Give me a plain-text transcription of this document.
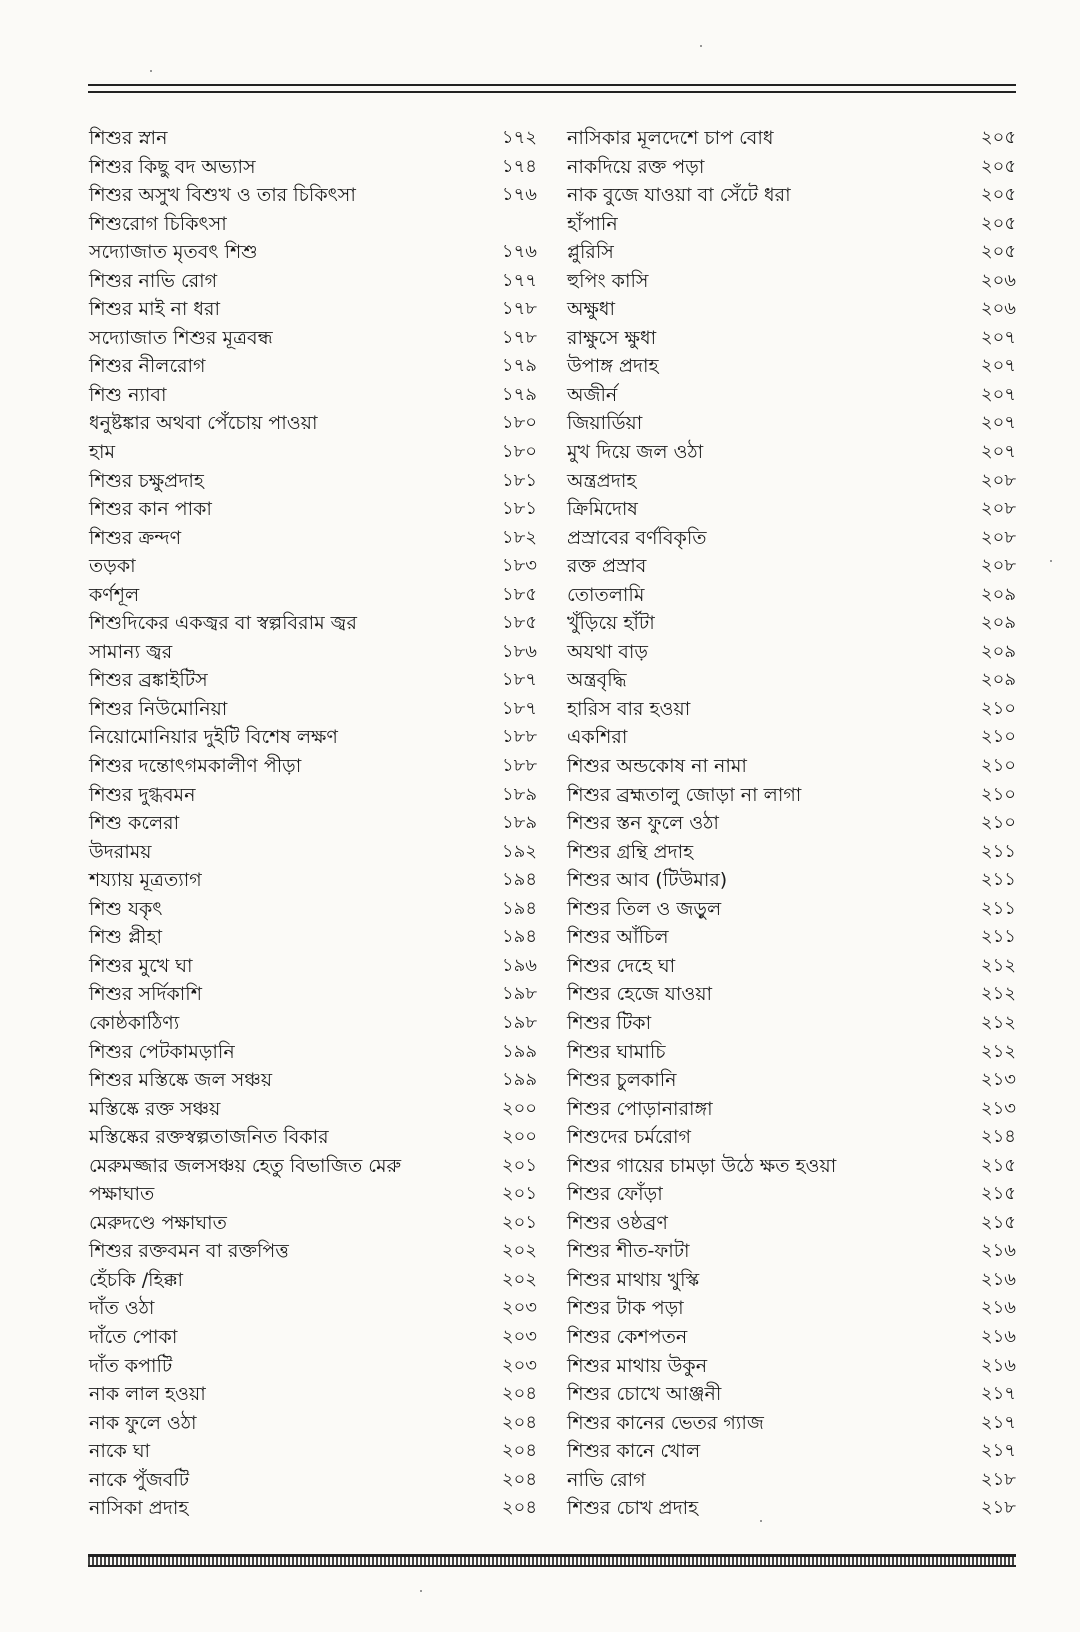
শিশুর স্নান	১৭২
শিশুর কিছু বদ অভ্যাস	১৭৪
শিশুর অসুখ বিশুখ ও তার চিকিৎসা	১৭৬
শিশুরোগ চিকিৎসা
সদ্যোজাত মৃতবৎ শিশু	১৭৬
শিশুর নাভি রোগ	১৭৭
শিশুর মাই না ধরা	১৭৮
সদ্যোজাত শিশুর মূত্রবন্ধ	১৭৮
শিশুর নীলরোগ	১৭৯
শিশু ন্যাবা	১৭৯
ধনুষ্টঙ্কার অথবা পেঁচোয় পাওয়া	১৮০
হাম	১৮০
শিশুর চক্ষুপ্রদাহ	১৮১
শিশুর কান পাকা	১৮১
শিশুর ক্রন্দণ	১৮২
তড়কা	১৮৩
কর্ণশূল	১৮৫
শিশুদিকের একজ্বর বা স্বল্পবিরাম জ্বর	১৮৫
সামান্য জ্বর	১৮৬
শিশুর ব্রঙ্কাইটিস	১৮৭
শিশুর নিউমোনিয়া	১৮৭
নিয়োমোনিয়ার দুইটি বিশেষ লক্ষণ	১৮৮
শিশুর দন্তোৎগমকালীণ পীড়া	১৮৮
শিশুর দুগ্ধবমন	১৮৯
শিশু কলেরা	১৮৯
উদরাময়	১৯২
শয্যায় মূত্রত্যাগ	১৯৪
শিশু যকৃৎ	১৯৪
শিশু প্লীহা	১৯৪
শিশুর মুখে ঘা	১৯৬
শিশুর সর্দিকাশি	১৯৮
কোষ্ঠকাঠিণ্য	১৯৮
শিশুর পেটকামড়ানি	১৯৯
শিশুর মস্তিষ্কে জল সঞ্চয়	১৯৯
মস্তিষ্কে রক্ত সঞ্চয়	২০০
মস্তিষ্কের রক্তস্বল্পতাজনিত বিকার	২০০
মেরুমজ্জার জলসঞ্চয় হেতু বিভাজিত মেরু	২০১
পক্ষাঘাত	২০১
মেরুদণ্ডে পক্ষাঘাত	২০১
শিশুর রক্তবমন বা রক্তপিত্ত	২০২
হেঁচকি /হিক্কা	২০২
দাঁত ওঠা	২০৩
দাঁতে পোকা	২০৩
দাঁত কপাটি	২০৩
নাক লাল হওয়া	২০৪
নাক ফুলে ওঠা	২০৪
নাকে ঘা	২০৪
নাকে পুঁজবটি	২০৪
নাসিকা প্রদাহ	২০৪
নাসিকার মূলদেশে চাপ বোধ	২০৫
নাকদিয়ে রক্ত পড়া	২০৫
নাক বুজে যাওয়া বা সেঁটে ধরা	২০৫
হাঁপানি	২০৫
প্লুরিসি	২০৫
হুপিং কাসি	২০৬
অক্ষুধা	২০৬
রাক্ষুসে ক্ষুধা	২০৭
উপাঙ্গ প্রদাহ	২০৭
অজীর্ন	২০৭
জিয়ার্ডিয়া	২০৭
মুখ দিয়ে জল ওঠা	২০৭
অন্ত্রপ্রদাহ	২০৮
ক্রিমিদোষ	২০৮
প্রস্রাবের বর্ণবিকৃতি	২০৮
রক্ত প্রস্রাব	২০৮
তোতলামি	২০৯
খুঁড়িয়ে হাঁটা	২০৯
অযথা বাড়	২০৯
অন্ত্রবৃদ্ধি	২০৯
হারিস বার হওয়া	২১০
একশিরা	২১০
শিশুর অন্ডকোষ না নামা	২১০
শিশুর ব্রহ্মতালু জোড়া না লাগা	২১০
শিশুর স্তন ফুলে ওঠা	২১০
শিশুর গ্রন্থি প্রদাহ	২১১
শিশুর আব (টিউমার)	২১১
শিশুর তিল ও জড়ুল	২১১
শিশুর আঁচিল	২১১
শিশুর দেহে ঘা	২১২
শিশুর হেজে যাওয়া	২১২
শিশুর টিকা	২১২
শিশুর ঘামাচি	২১২
শিশুর চুলকানি	২১৩
শিশুর পোড়ানারাঙ্গা	২১৩
শিশুদের চর্মরোগ	২১৪
শিশুর গায়ের চামড়া উঠে ক্ষত হওয়া	২১৫
শিশুর ফোঁড়া	২১৫
শিশুর ওষ্ঠব্রণ	২১৫
শিশুর শীত-ফাটা	২১৬
শিশুর মাথায় খুস্কি	২১৬
শিশুর টাক পড়া	২১৬
শিশুর কেশপতন	২১৬
শিশুর মাথায় উকুন	২১৬
শিশুর চোখে আঞ্জনী	২১৭
শিশুর কানের ভেতর গ্যাজ	২১৭
শিশুর কানে খোল	২১৭
নাভি রোগ	২১৮
শিশুর চোখ প্রদাহ	২১৮
